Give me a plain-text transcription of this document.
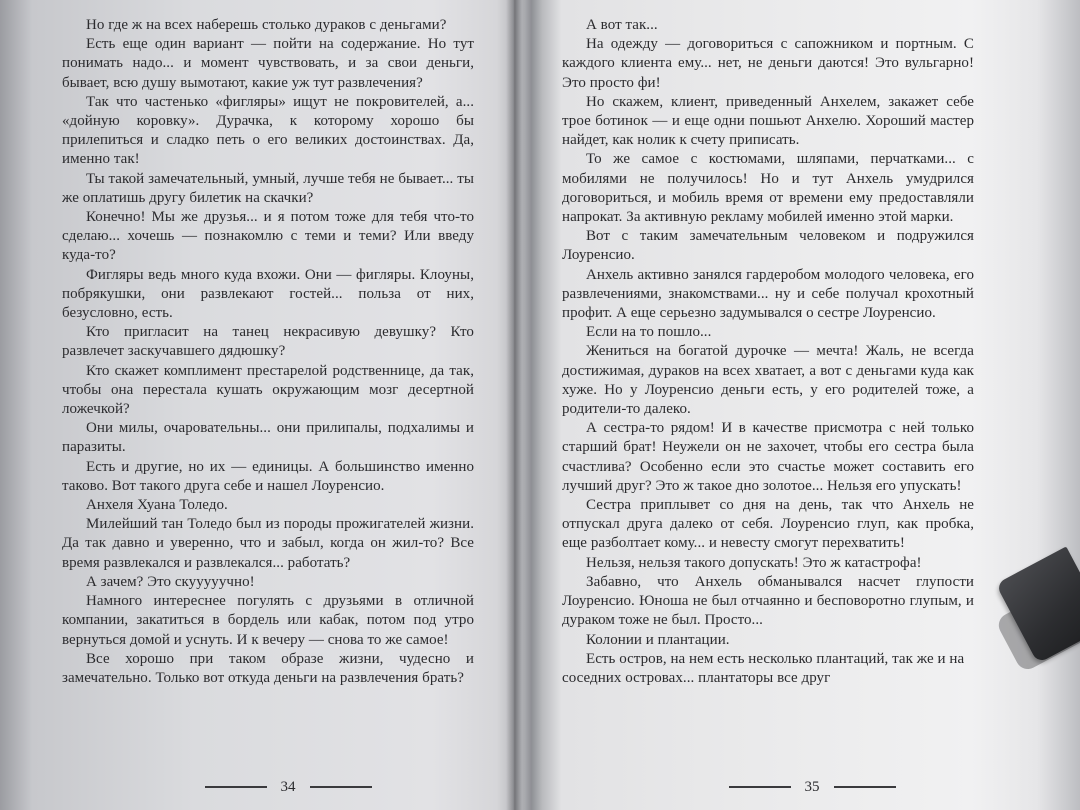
Но где ж на всех наберешь столько дураков с деньгами?

Есть еще один вариант — пойти на содержание. Но тут понимать надо... и момент чувствовать, и за свои деньги, бывает, всю душу вымотают, какие уж тут развлечения?

Так что частенько «фигляры» ищут не покровителей, а... «дойную коровку». Дурачка, к которому хорошо бы прилепиться и сладко петь о его великих достоинствах. Да, именно так!

Ты такой замечательный, умный, лучше тебя не бывает... ты же оплатишь другу билетик на скачки?

Конечно! Мы же друзья... и я потом тоже для тебя что-то сделаю... хочешь — познакомлю с теми и теми? Или введу куда-то?

Фигляры ведь много куда вхожи. Они — фигляры. Клоуны, побрякушки, они развлекают гостей... польза от них, безусловно, есть.

Кто пригласит на танец некрасивую девушку? Кто развлечет заскучавшего дядюшку?

Кто скажет комплимент престарелой родственнице, да так, чтобы она перестала кушать окружающим мозг десертной ложечкой?

Они милы, очаровательны... они прилипалы, подхалимы и паразиты.

Есть и другие, но их — единицы. А большинство именно таково. Вот такого друга себе и нашел Лоуренсио.

Анхеля Хуана Толедо.

Милейший тан Толедо был из породы прожигателей жизни. Да так давно и уверенно, что и забыл, когда он жил-то? Все время развлекался и развлекался... работать?

А зачем? Это скууууучно!

Намного интереснее погулять с друзьями в отличной компании, закатиться в бордель или кабак, потом под утро вернуться домой и уснуть. И к вечеру — снова то же самое!

Все хорошо при таком образе жизни, чудесно и замечательно. Только вот откуда деньги на развлечения брать?

34

А вот так...

На одежду — договориться с сапожником и портным. С каждого клиента ему... нет, не деньги даются! Это вульгарно! Это просто фи!

Но скажем, клиент, приведенный Анхелем, закажет себе трое ботинок — и еще одни пошьют Анхелю. Хороший мастер найдет, как нолик к счету приписать.

То же самое с костюмами, шляпами, перчатками... с мобилями не получилось! Но и тут Анхель умудрился договориться, и мобиль время от времени ему предоставляли напрокат. За активную рекламу мобилей именно этой марки.

Вот с таким замечательным человеком и подружился Лоуренсио.

Анхель активно занялся гардеробом молодого человека, его развлечениями, знакомствами... ну и себе получал крохотный профит. А еще серьезно задумывался о сестре Лоуренсио.

Если на то пошло...

Жениться на богатой дурочке — мечта! Жаль, не всегда достижимая, дураков на всех хватает, а вот с деньгами куда как хуже. Но у Лоуренсио деньги есть, у его родителей тоже, а родители-то далеко.

А сестра-то рядом! И в качестве присмотра с ней только старший брат! Неужели он не захочет, чтобы его сестра была счастлива? Особенно если это счастье может составить его лучший друг? Это ж такое дно золотое... Нельзя его упускать!

Сестра приплывет со дня на день, так что Анхель не отпускал друга далеко от себя. Лоуренсио глуп, как пробка, еще разболтает кому... и невесту смогут перехватить!

Нельзя, нельзя такого допускать! Это ж катастрофа!

Забавно, что Анхель обманывался насчет глупости Лоуренсио. Юноша не был отчаянно и бесповоротно глупым, и дураком тоже не был. Просто...

Колонии и плантации.

Есть остров, на нем есть несколько плантаций, так же и на соседних островах... плантаторы все друг

35
